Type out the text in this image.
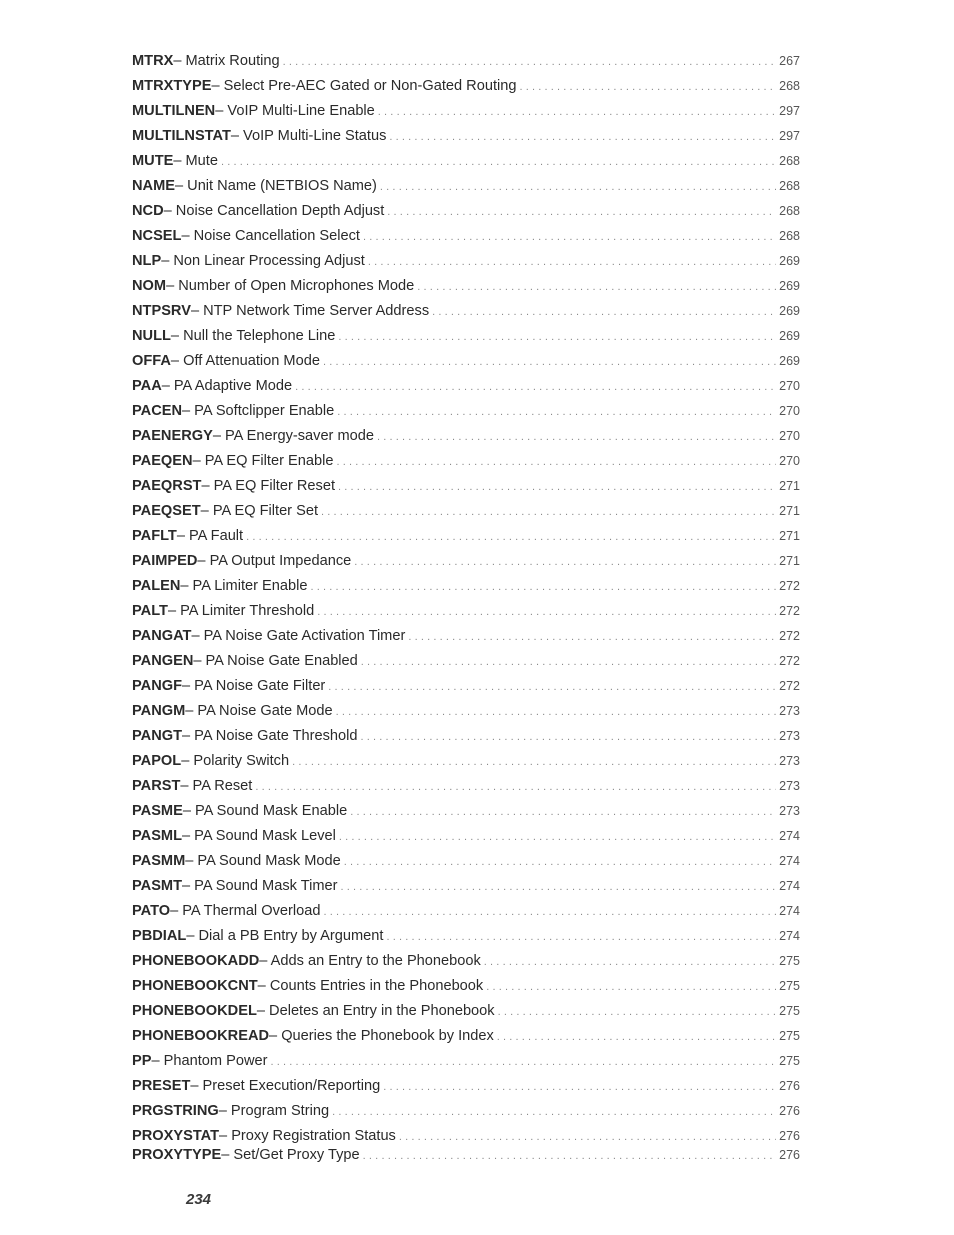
MTRX – Matrix Routing .....	267
MTRXTYPE – Select Pre-AEC Gated or Non-Gated Routing .....	268
MULTILNEN – VoIP Multi-Line Enable .....	297
MULTILNSTAT – VoIP Multi-Line Status .....	297
MUTE – Mute .....	268
NAME – Unit Name (NETBIOS Name) .....	268
NCD – Noise Cancellation Depth Adjust .....	268
NCSEL – Noise Cancellation Select .....	268
NLP – Non Linear Processing Adjust .....	269
NOM – Number of Open Microphones Mode .....	269
NTPSRV – NTP Network Time Server Address .....	269
NULL – Null the Telephone Line .....	269
OFFA – Off Attenuation Mode .....	269
PAA – PA Adaptive Mode .....	270
PACEN – PA Softclipper Enable .....	270
PAENERGY – PA Energy-saver mode .....	270
PAEQEN – PA EQ Filter Enable .....	270
PAEQRST – PA EQ Filter Reset .....	271
PAEQSET – PA EQ Filter Set .....	271
PAFLT – PA Fault .....	271
PAIMPED – PA Output Impedance .....	271
PALEN – PA Limiter Enable .....	272
PALT – PA Limiter Threshold .....	272
PANGAT – PA Noise Gate Activation Timer .....	272
PANGEN – PA Noise Gate Enabled .....	272
PANGF – PA Noise Gate Filter .....	272
PANGM – PA Noise Gate Mode .....	273
PANGT – PA Noise Gate Threshold .....	273
PAPOL – Polarity Switch .....	273
PARST – PA Reset .....	273
PASME – PA Sound Mask Enable .....	273
PASML – PA Sound Mask Level .....	274
PASMM – PA Sound Mask Mode .....	274
PASMT – PA Sound Mask Timer .....	274
PATO – PA Thermal Overload .....	274
PBDIAL – Dial a PB Entry by Argument .....	274
PHONEBOOKADD – Adds an Entry to the Phonebook .....	275
PHONEBOOKCNT – Counts Entries in the Phonebook .....	275
PHONEBOOKDEL – Deletes an Entry in the Phonebook .....	275
PHONEBOOKREAD – Queries the Phonebook by Index .....	275
PP – Phantom Power .....	275
PRESET – Preset Execution/Reporting .....	276
PRGSTRING – Program String .....	276
PROXYSTAT – Proxy Registration Status .....	276
PROXYTYPE – Set/Get Proxy Type .....	276
234
